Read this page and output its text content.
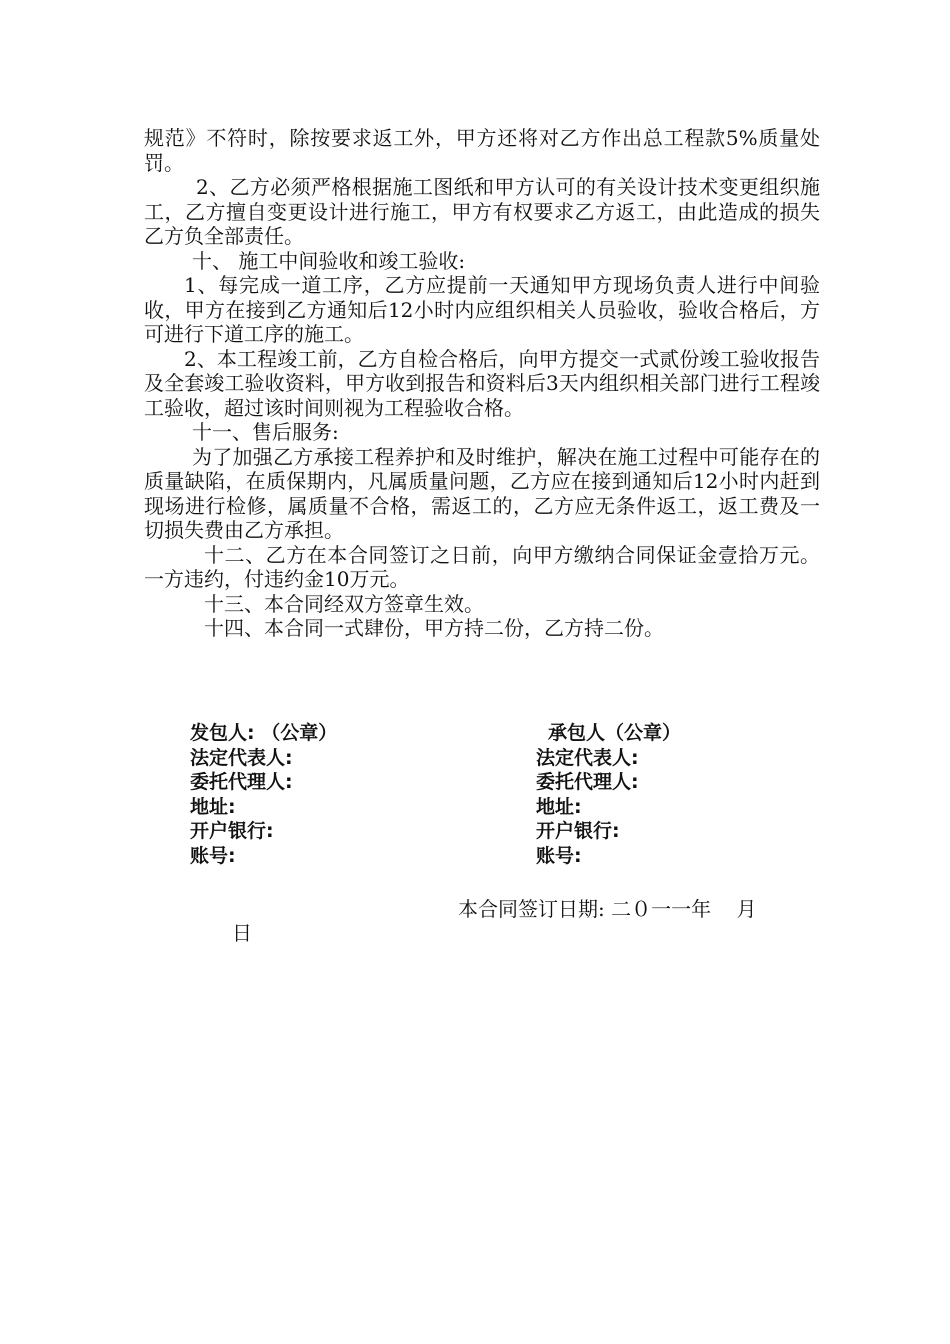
规范》不符时，除按要求返工外，甲方还将对乙方作出总工程款5%质量处罚。

2、乙方必须严格根据施工图纸和甲方认可的有关设计技术变更组织施工，乙方擅自变更设计进行施工，甲方有权要求乙方返工，由此造成的损失乙方负全部责任。

十、 施工中间验收和竣工验收:

1、每完成一道工序，乙方应提前一天通知甲方现场负责人进行中间验收，甲方在接到乙方通知后12小时内应组织相关人员验收，验收合格后，方可进行下道工序的施工。

2、本工程竣工前，乙方自检合格后，向甲方提交一式贰份竣工验收报告及全套竣工验收资料，甲方收到报告和资料后3天内组织相关部门进行工程竣工验收，超过该时间则视为工程验收合格。

十一、售后服务:

为了加强乙方承接工程养护和及时维护，解决在施工过程中可能存在的质量缺陷，在质保期内，凡属质量问题，乙方应在接到通知后12小时内赶到现场进行检修，属质量不合格，需返工的，乙方应无条件返工，返工费及一切损失费由乙方承担。

十二、乙方在本合同签订之日前，向甲方缴纳合同保证金壹拾万元。一方违约，付违约金10万元。

十三、本合同经双方签章生效。

十四、本合同一式肆份，甲方持二份，乙方持二份。

发包人: （公章）

法定代表人:

委托代理人:

地址:

开户银行:

账号:

承包人（公章）

法定代表人:

委托代理人:

地址:

开户银行:

账号:

本合同签订日期: 二０一一年    月
日
